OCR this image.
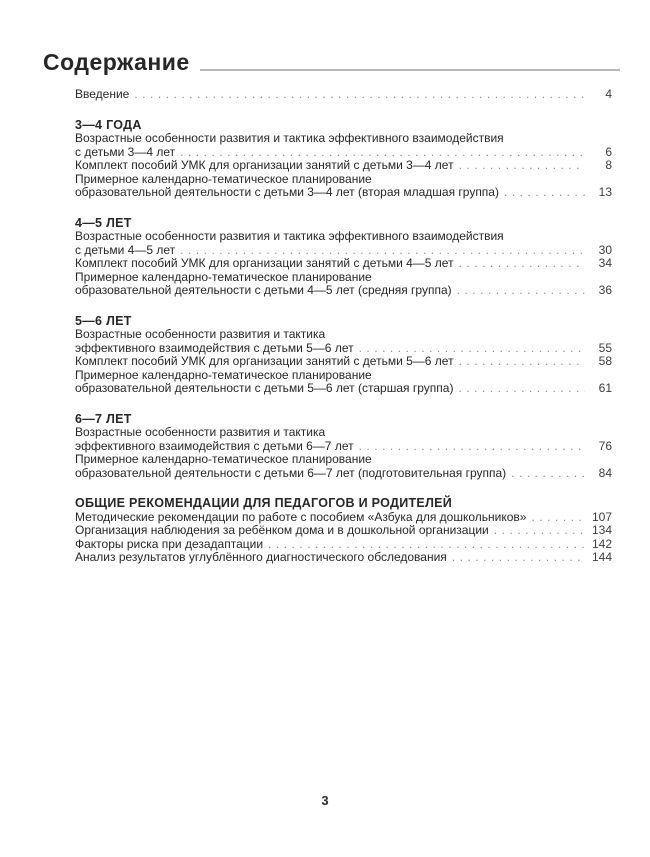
Содержание
Введение .....	4
3—4 ГОДА
Возрастные особенности развития и тактика эффективного взаимодействия
с детьми 3—4 лет .....	6
Комплект пособий УМК для организации занятий с детьми 3—4 лет .....	8
Примерное календарно-тематическое планирование
образовательной деятельности с детьми 3—4 лет (вторая младшая группа) .....	13
4—5 ЛЕТ
Возрастные особенности развития и тактика эффективного взаимодействия
с детьми 4—5 лет .....	30
Комплект пособий УМК для организации занятий с детьми 4—5 лет .....	34
Примерное календарно-тематическое планирование
образовательной деятельности с детьми 4—5 лет (средняя группа) .....	36
5—6 ЛЕТ
Возрастные особенности развития и тактика
эффективного взаимодействия с детьми 5—6 лет .....	55
Комплект пособий УМК для организации занятий с детьми 5—6 лет .....	58
Примерное календарно-тематическое планирование
образовательной деятельности с детьми 5—6 лет (старшая группа) .....	61
6—7 ЛЕТ
Возрастные особенности развития и тактика
эффективного взаимодействия с детьми 6—7 лет .....	76
Примерное календарно-тематическое планирование
образовательной деятельности с детьми 6—7 лет (подготовительная группа) .....	84
ОБЩИЕ РЕКОМЕНДАЦИИ ДЛЯ ПЕДАГОГОВ И РОДИТЕЛЕЙ
Методические рекомендации по работе с пособием «Азбука для дошкольников» .....	107
Организация наблюдения за ребёнком дома и в дошкольной организации .....	134
Факторы риска при дезадаптации .....	142
Анализ результатов углублённого диагностического обследования .....	144
3
